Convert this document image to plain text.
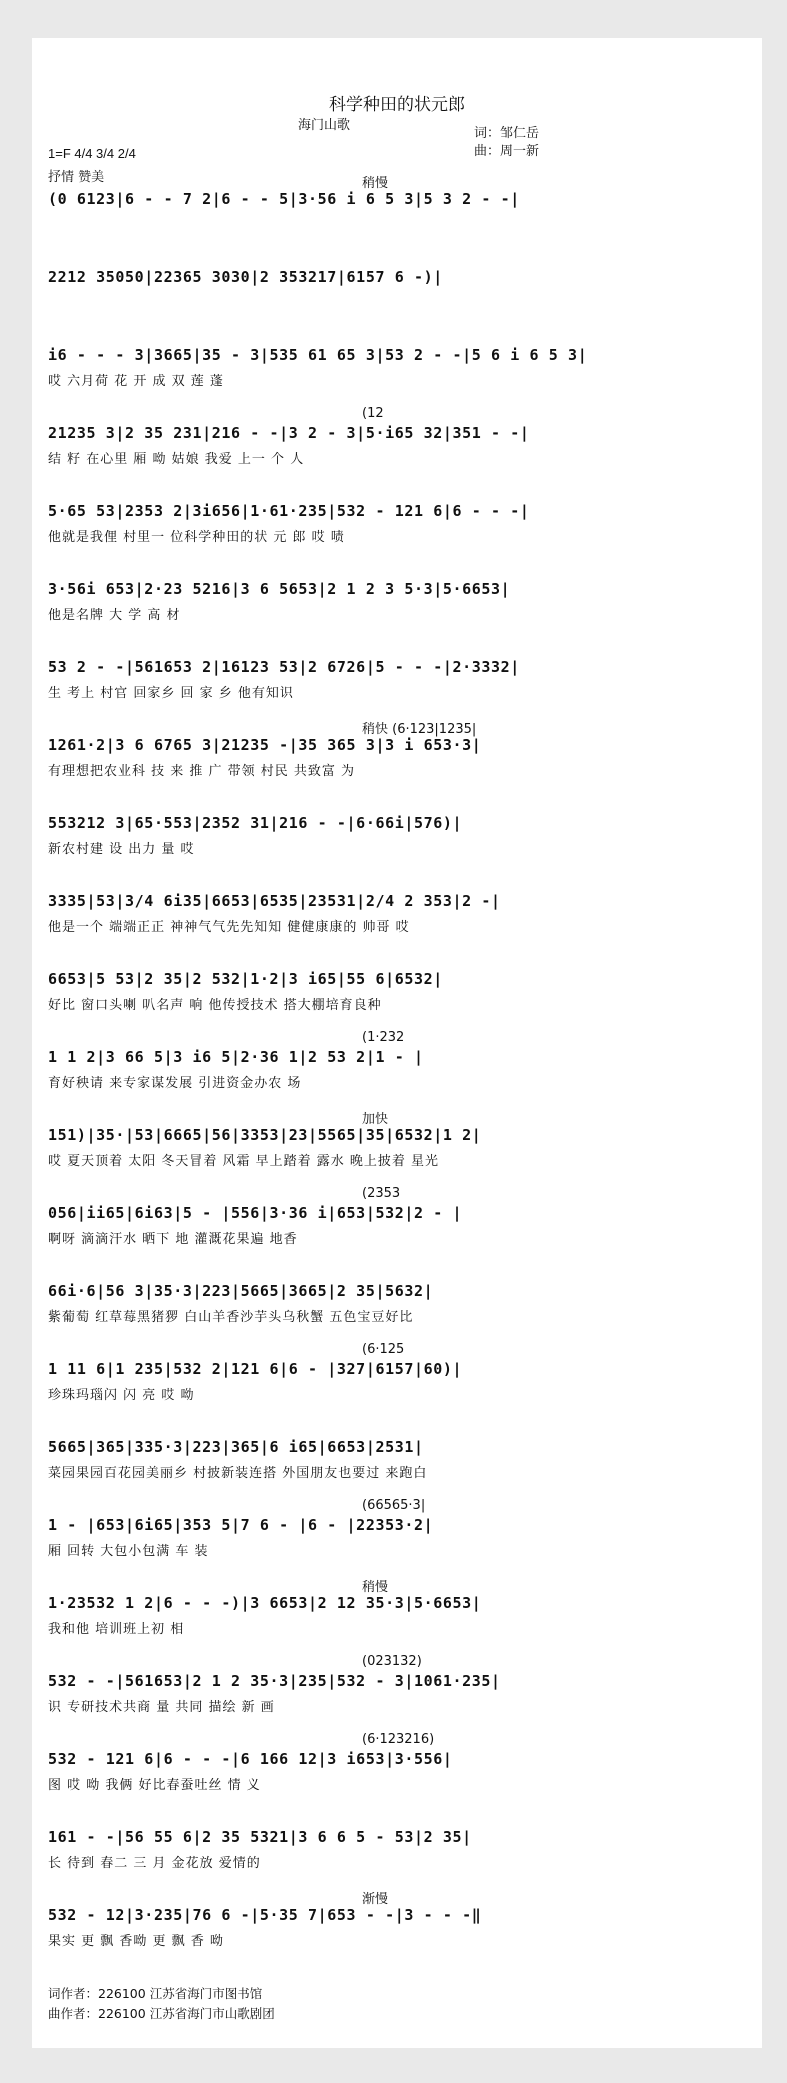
科学种田的状元郎
海门山歌
词：邹仁岳
曲：周一新
1=F 4/4 3/4 2/4
抒情 赞美	稍慢
(0 6123|6 - - 7 2|6 - - 5|3·56 i 6 5 3|5 3 2 - -|
2212 35050|22365 3030|2 353217|6157 6 -)|
i6 - - - 3|3665|35 - 3|535 61 65 3|53 2 - -|5 6 i 6 5 3|
哎 六月荷 花 开 成 双 莲 蓬
(12
21235 3|2 35 231|216 - -|3 2 - 3|5·i65 32|351 - -|
结 籽 在心里 厢 呦 姑娘 我爱 上一 个 人
5·65 53|2353 2|3i656|1·61·235|532 - 121 6|6 - - -|
他就是我俚 村里一 位科学种田的状 元 郎 哎 啧
3·56i 653|2·23 5216|3 6 5653|2 1 2 3 5·3|5·6653|
他是名牌 大 学 高 材
53 2 - -|561653 2|16123 53|2 6726|5 - - -|2·3332|
生 考上 村官 回家乡 回 家 乡 他有知识
稍快 (6·123|1235|
1261·2|3 6 6765 3|21235 -|35 365 3|3 i 653·3|
有理想把农业科 技 来 推 广 带领 村民 共致富 为
553212 3|65·553|2352 31|216 - -|6·66i|576)|
新农村建 设 出力 量 哎
3335|53|3/4 6i35|6653|6535|23531|2/4 2 353|2 -|
他是一个 端端正正 神神气气先先知知 健健康康的 帅哥 哎
6653|5 53|2 35|2 532|1·2|3 i65|55 6|6532|
好比 窗口头喇 叭名声 响 他传授技术 搭大棚培育良种
(1·232
1 1 2|3 66 5|3 i6 5|2·36 1|2 53 2|1 - |
育好秧请 来专家谋发展 引进资金办农 场
加快
151)|35·|53|6665|56|3353|23|5565|35|6532|1 2|
哎 夏天顶着 太阳 冬天冒着 风霜 早上踏着 露水 晚上披着 星光
(2353
056|ii65|6i63|5 - |556|3·36 i|653|532|2 - |
啊呀 滴滴汗水 晒下 地 灌溉花果遍 地香
66i·6|56 3|35·3|223|5665|3665|2 35|5632|
紫葡萄 红草莓黑猪猡 白山羊香沙芋头乌秋蟹 五色宝豆好比
(6·125
1 11 6|1 235|532 2|121 6|6 - |327|6157|60)|
珍珠玛瑙闪 闪 亮 哎 呦
5665|365|335·3|223|365|6 i65|6653|2531|
菜园果园百花园美丽乡 村披新装连搭 外国朋友也要过 来跑白
(66565·3|
1 - |653|6i65|353 5|7 6 - |6 - |22353·2|
厢 回转 大包小包满 车 装
稍慢
1·23532 1 2|6 - - -)|3 6653|2 12 35·3|5·6653|
我和他 培训班上初 相
(023132)
532 - -|561653|2 1 2 35·3|235|532 - 3|1061·235|
识 专研技术共商 量 共同 描绘 新 画
(6·123216)
532 - 121 6|6 - - -|6 166 12|3 i653|3·556|
图 哎 呦 我俩 好比春蚕吐丝 情 义
161 - -|56 55 6|2 35 5321|3 6 6 5 - 53|2 35|
长 待到 春二 三 月 金花放 爱情的
渐慢
532 - 12|3·235|76 6 -|5·35 7|653 - -|3 - - -‖
果实 更 飘 香呦 更 飘 香 呦
词作者：226100 江苏省海门市图书馆
曲作者：226100 江苏省海门市山歌剧团
